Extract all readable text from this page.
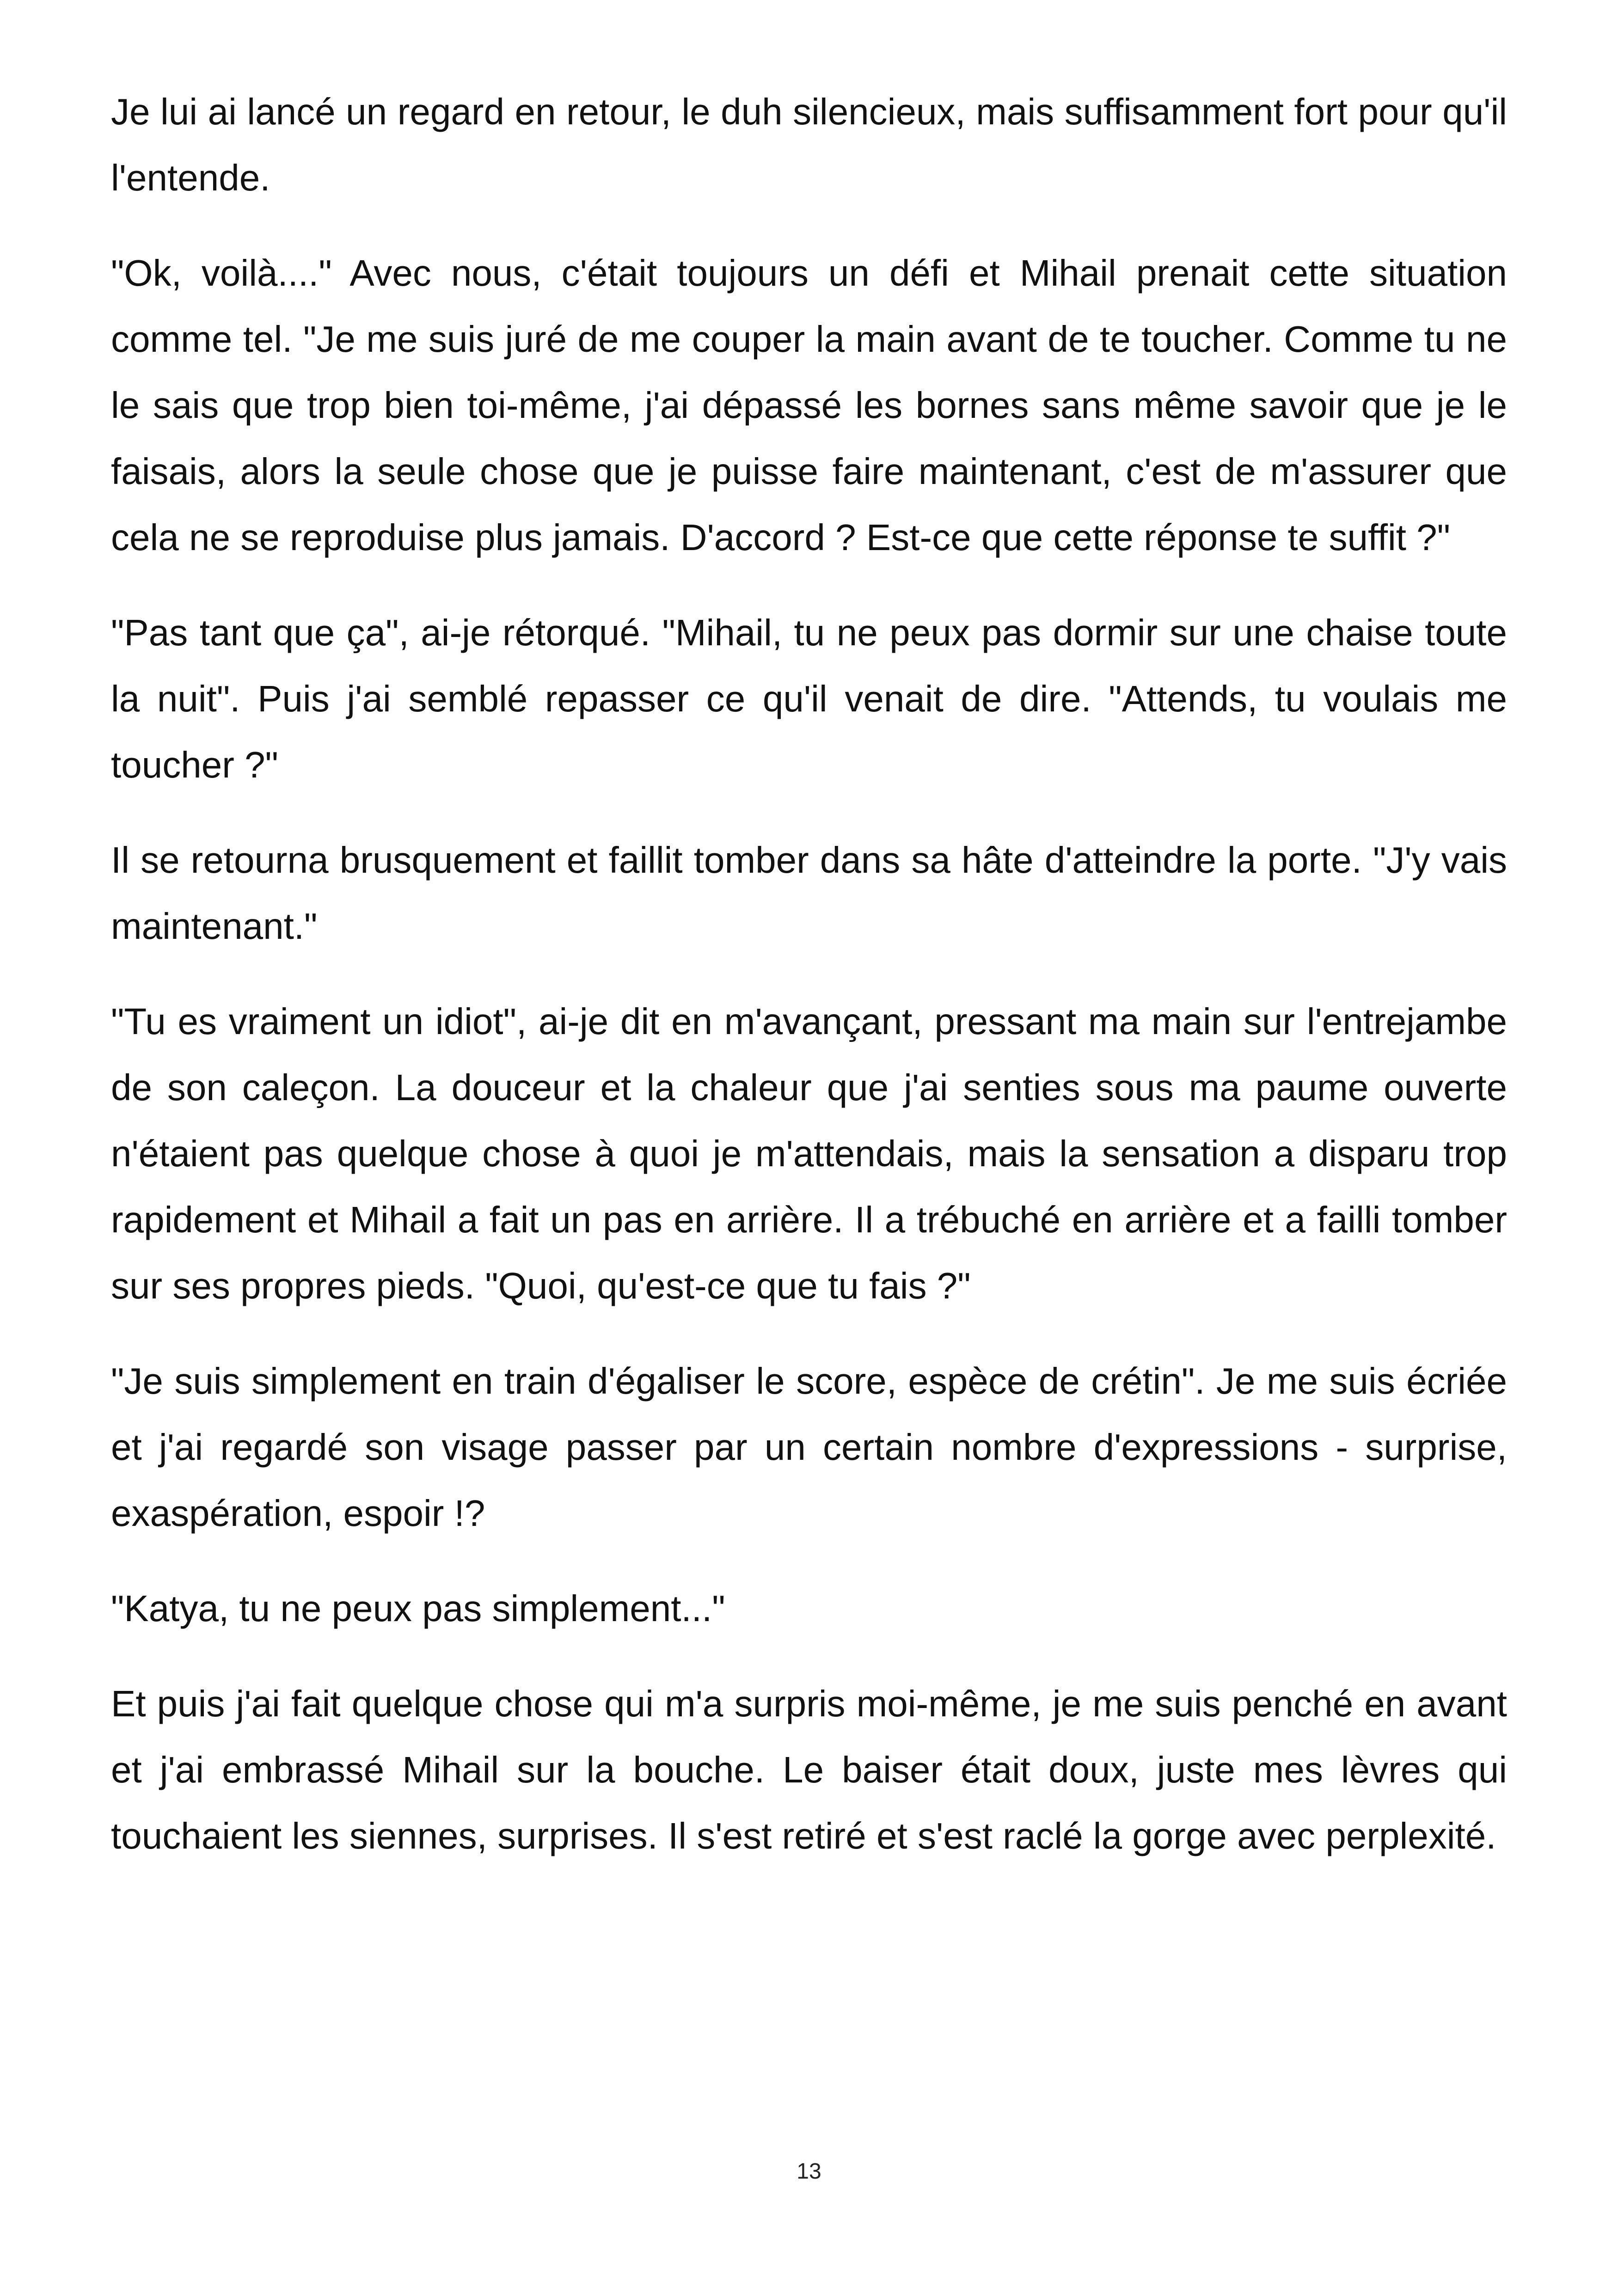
Je lui ai lancé un regard en retour, le duh silencieux, mais suffisamment fort pour qu'il l'entende.

"Ok, voilà...." Avec nous, c'était toujours un défi et Mihail prenait cette situation comme tel. "Je me suis juré de me couper la main avant de te toucher. Comme tu ne le sais que trop bien toi-même, j'ai dépassé les bornes sans même savoir que je le faisais, alors la seule chose que je puisse faire maintenant, c'est de m'assurer que cela ne se reproduise plus jamais. D'accord ? Est-ce que cette réponse te suffit ?"

"Pas tant que ça", ai-je rétorqué. "Mihail, tu ne peux pas dormir sur une chaise toute la nuit". Puis j'ai semblé repasser ce qu'il venait de dire. "Attends, tu voulais me toucher ?"

Il se retourna brusquement et faillit tomber dans sa hâte d'atteindre la porte. "J'y vais maintenant."

"Tu es vraiment un idiot", ai-je dit en m'avançant, pressant ma main sur l'entrejambe de son caleçon. La douceur et la chaleur que j'ai senties sous ma paume ouverte n'étaient pas quelque chose à quoi je m'attendais, mais la sensation a disparu trop rapidement et Mihail a fait un pas en arrière. Il a trébuché en arrière et a failli tomber sur ses propres pieds. "Quoi, qu'est-ce que tu fais ?"

"Je suis simplement en train d'égaliser le score, espèce de crétin". Je me suis écriée et j'ai regardé son visage passer par un certain nombre d'expressions - surprise, exaspération, espoir !?

"Katya, tu ne peux pas simplement..."

Et puis j'ai fait quelque chose qui m'a surpris moi-même, je me suis penché en avant et j'ai embrassé Mihail sur la bouche. Le baiser était doux, juste mes lèvres qui touchaient les siennes, surprises. Il s'est retiré et s'est raclé la gorge avec perplexité.

13
